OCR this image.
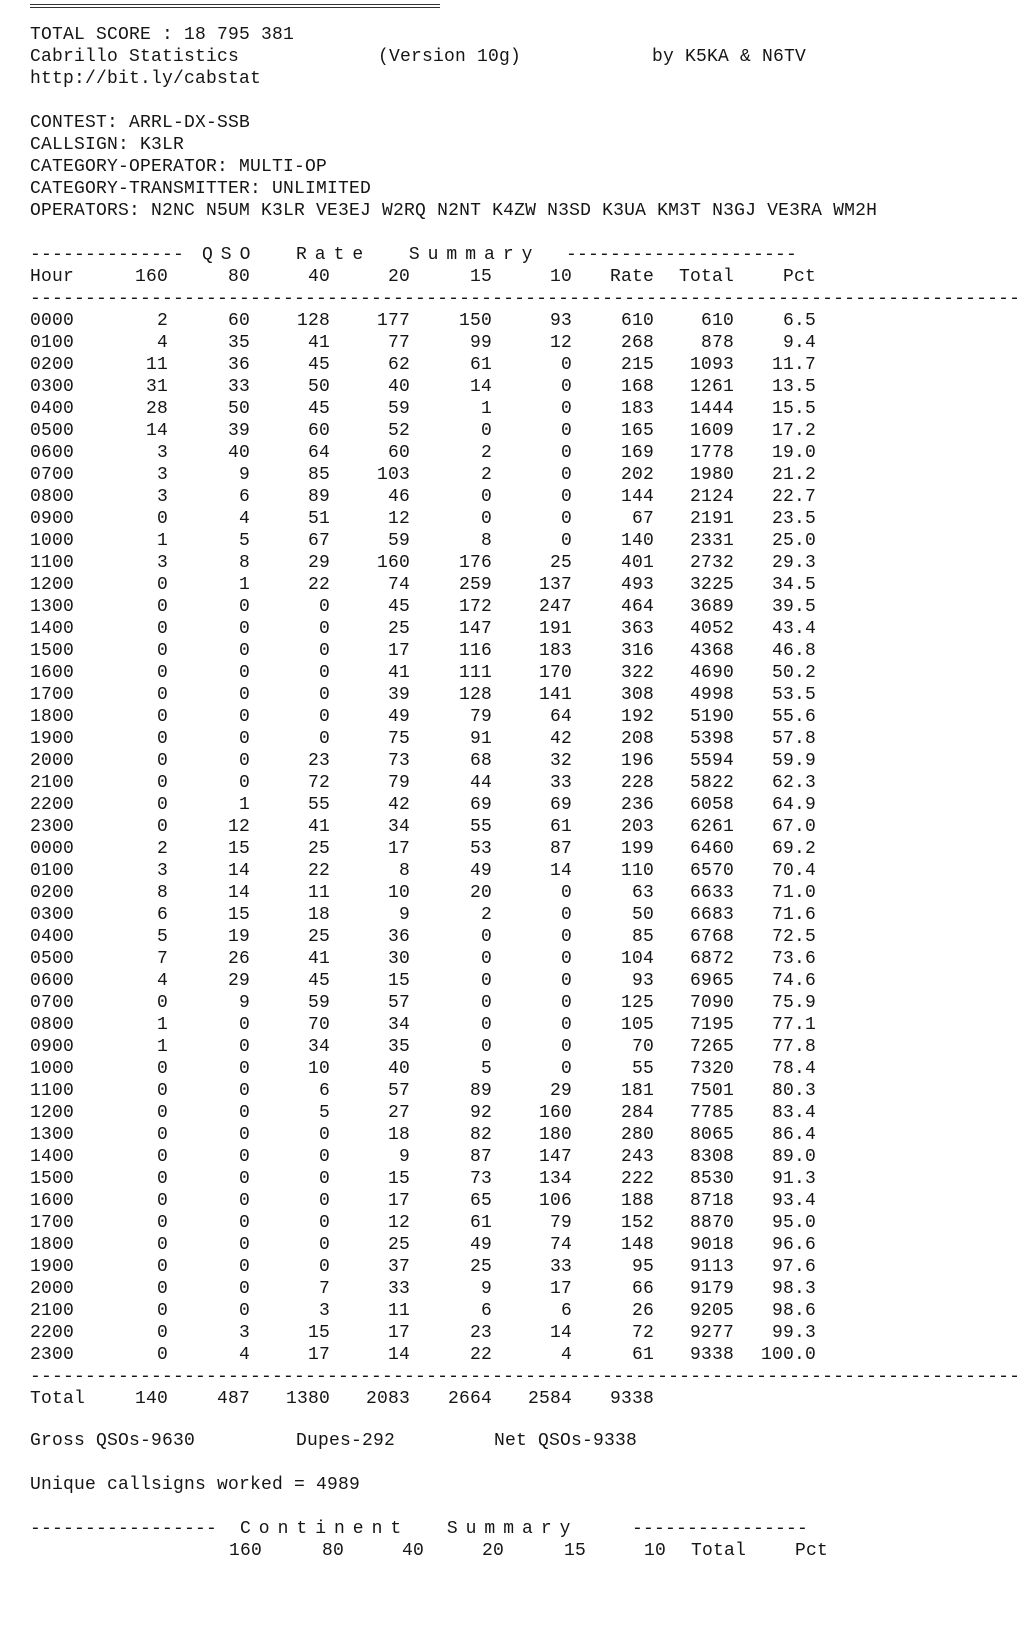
TOTAL SCORE : 18 795 381
Cabrillo Statistics	(Version 10g)	by K5KA & N6TV
http://bit.ly/cabstat
CONTEST: ARRL-DX-SSB
CALLSIGN: K3LR
CATEGORY-OPERATOR: MULTI-OP
CATEGORY-TRANSMITTER: UNLIMITED
OPERATORS: N2NC N5UM K3LR VE3EJ W2RQ N2NT K4ZW N3SD K3UA KM3T N3GJ VE3RA WM2H
-------------- QSO  Rate  Summary ---------------------
Hour	160	80	40	20	15	10 Rate Total	Pct
------------------------------------------------------------------------------------------
0000	2	60	128	177	150	93	610	610	6.5
0100	4	35	41	77	99	12	268	878	9.4
0200	11	36	45	62	61	0	215 1093 11.7
0300	31	33	50	40	14	0	168 1261 13.5
0400	28	50	45	59	1	0	183 1444 15.5
0500	14	39	60	52	0	0	165 1609 17.2
0600	3	40	64	60	2	0	169 1778 19.0
0700	3	9	85	103	2	0	202 1980 21.2
0800	3	6	89	46	0	0	144 2124 22.7
0900	0	4	51	12	0	0	67 2191 23.5
1000	1	5	67	59	8	0	140 2331 25.0
1100	3	8	29	160	176	25	401 2732 29.3
1200	0	1	22	74	259	137	493 3225 34.5
1300	0	0	0	45	172	247	464 3689 39.5
1400	0	0	0	25	147	191	363 4052 43.4
1500	0	0	0	17	116	183	316 4368 46.8
1600	0	0	0	41	111	170	322 4690 50.2
1700	0	0	0	39	128	141	308 4998 53.5
1800	0	0	0	49	79	64	192 5190 55.6
1900	0	0	0	75	91	42	208 5398 57.8
2000	0	0	23	73	68	32	196 5594 59.9
2100	0	0	72	79	44	33	228 5822 62.3
2200	0	1	55	42	69	69	236 6058 64.9
2300	0	12	41	34	55	61	203 6261 67.0
0000	2	15	25	17	53	87	199 6460 69.2
0100	3	14	22	8	49	14	110 6570 70.4
0200	8	14	11	10	20	0	63 6633 71.0
0300	6	15	18	9	2	0	50 6683 71.6
0400	5	19	25	36	0	0	85 6768 72.5
0500	7	26	41	30	0	0	104 6872 73.6
0600	4	29	45	15	0	0	93 6965 74.6
0700	0	9	59	57	0	0	125 7090 75.9
0800	1	0	70	34	0	0	105 7195 77.1
0900	1	0	34	35	0	0	70 7265 77.8
1000	0	0	10	40	5	0	55 7320 78.4
1100	0	0	6	57	89	29	181 7501 80.3
1200	0	0	5	27	92	160	284 7785 83.4
1300	0	0	0	18	82	180	280 8065 86.4
1400	0	0	0	9	87	147	243 8308 89.0
1500	0	0	0	15	73	134	222 8530 91.3
1600	0	0	0	17	65	106	188 8718 93.4
1700	0	0	0	12	61	79	152 8870 95.0
1800	0	0	0	25	49	74	148 9018 96.6
1900	0	0	0	37	25	33	95 9113 97.6
2000	0	0	7	33	9	17	66 9179 98.3
2100	0	0	3	11	6	6	26 9205 98.6
2200	0	3	15	17	23	14	72 9277 99.3
2300	0	4	17	14	22	4	61 9338 100.0
------------------------------------------------------------------------------------------
Total	140	487 1380 2083 2664 2584 9338
Gross QSOs-9630	Dupes-292	Net QSOs-9338
Unique callsigns worked = 4989
-----------------	Continent  Summary	----------------
160	80	40	20	15	10 Total	Pct
